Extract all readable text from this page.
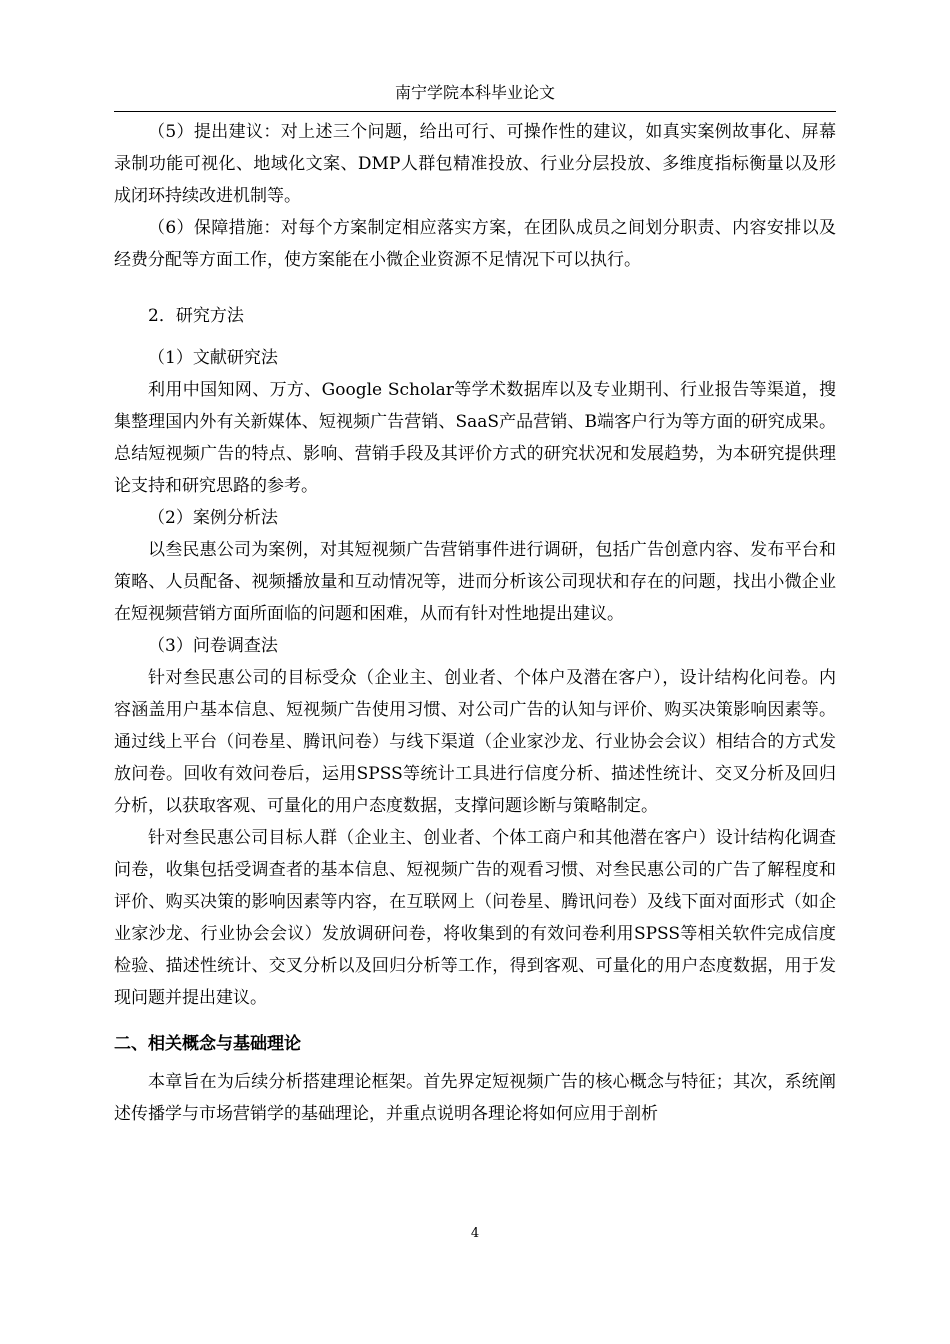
南宁学院本科毕业论文

（5）提出建议：对上述三个问题，给出可行、可操作性的建议，如真实案例故事化、屏幕录制功能可视化、地域化文案、DMP人群包精准投放、行业分层投放、多维度指标衡量以及形成闭环持续改进机制等。

（6）保障措施：对每个方案制定相应落实方案，在团队成员之间划分职责、内容安排以及经费分配等方面工作，使方案能在小微企业资源不足情况下可以执行。

2．研究方法

（1）文献研究法

利用中国知网、万方、Google Scholar等学术数据库以及专业期刊、行业报告等渠道，搜集整理国内外有关新媒体、短视频广告营销、SaaS产品营销、B端客户行为等方面的研究成果。总结短视频广告的特点、影响、营销手段及其评价方式的研究状况和发展趋势，为本研究提供理论支持和研究思路的参考。

（2）案例分析法

以叁民惠公司为案例，对其短视频广告营销事件进行调研，包括广告创意内容、发布平台和策略、人员配备、视频播放量和互动情况等，进而分析该公司现状和存在的问题，找出小微企业在短视频营销方面所面临的问题和困难，从而有针对性地提出建议。

（3）问卷调查法

针对叁民惠公司的目标受众（企业主、创业者、个体户及潜在客户），设计结构化问卷。内容涵盖用户基本信息、短视频广告使用习惯、对公司广告的认知与评价、购买决策影响因素等。通过线上平台（问卷星、腾讯问卷）与线下渠道（企业家沙龙、行业协会会议）相结合的方式发放问卷。回收有效问卷后，运用SPSS等统计工具进行信度分析、描述性统计、交叉分析及回归分析，以获取客观、可量化的用户态度数据，支撑问题诊断与策略制定。

针对叁民惠公司目标人群（企业主、创业者、个体工商户和其他潜在客户）设计结构化调查问卷，收集包括受调查者的基本信息、短视频广告的观看习惯、对叁民惠公司的广告了解程度和评价、购买决策的影响因素等内容，在互联网上（问卷星、腾讯问卷）及线下面对面形式（如企业家沙龙、行业协会会议）发放调研问卷，将收集到的有效问卷利用SPSS等相关软件完成信度检验、描述性统计、交叉分析以及回归分析等工作，得到客观、可量化的用户态度数据，用于发现问题并提出建议。

二、相关概念与基础理论

本章旨在为后续分析搭建理论框架。首先界定短视频广告的核心概念与特征；其次，系统阐述传播学与市场营销学的基础理论，并重点说明各理论将如何应用于剖析

4
